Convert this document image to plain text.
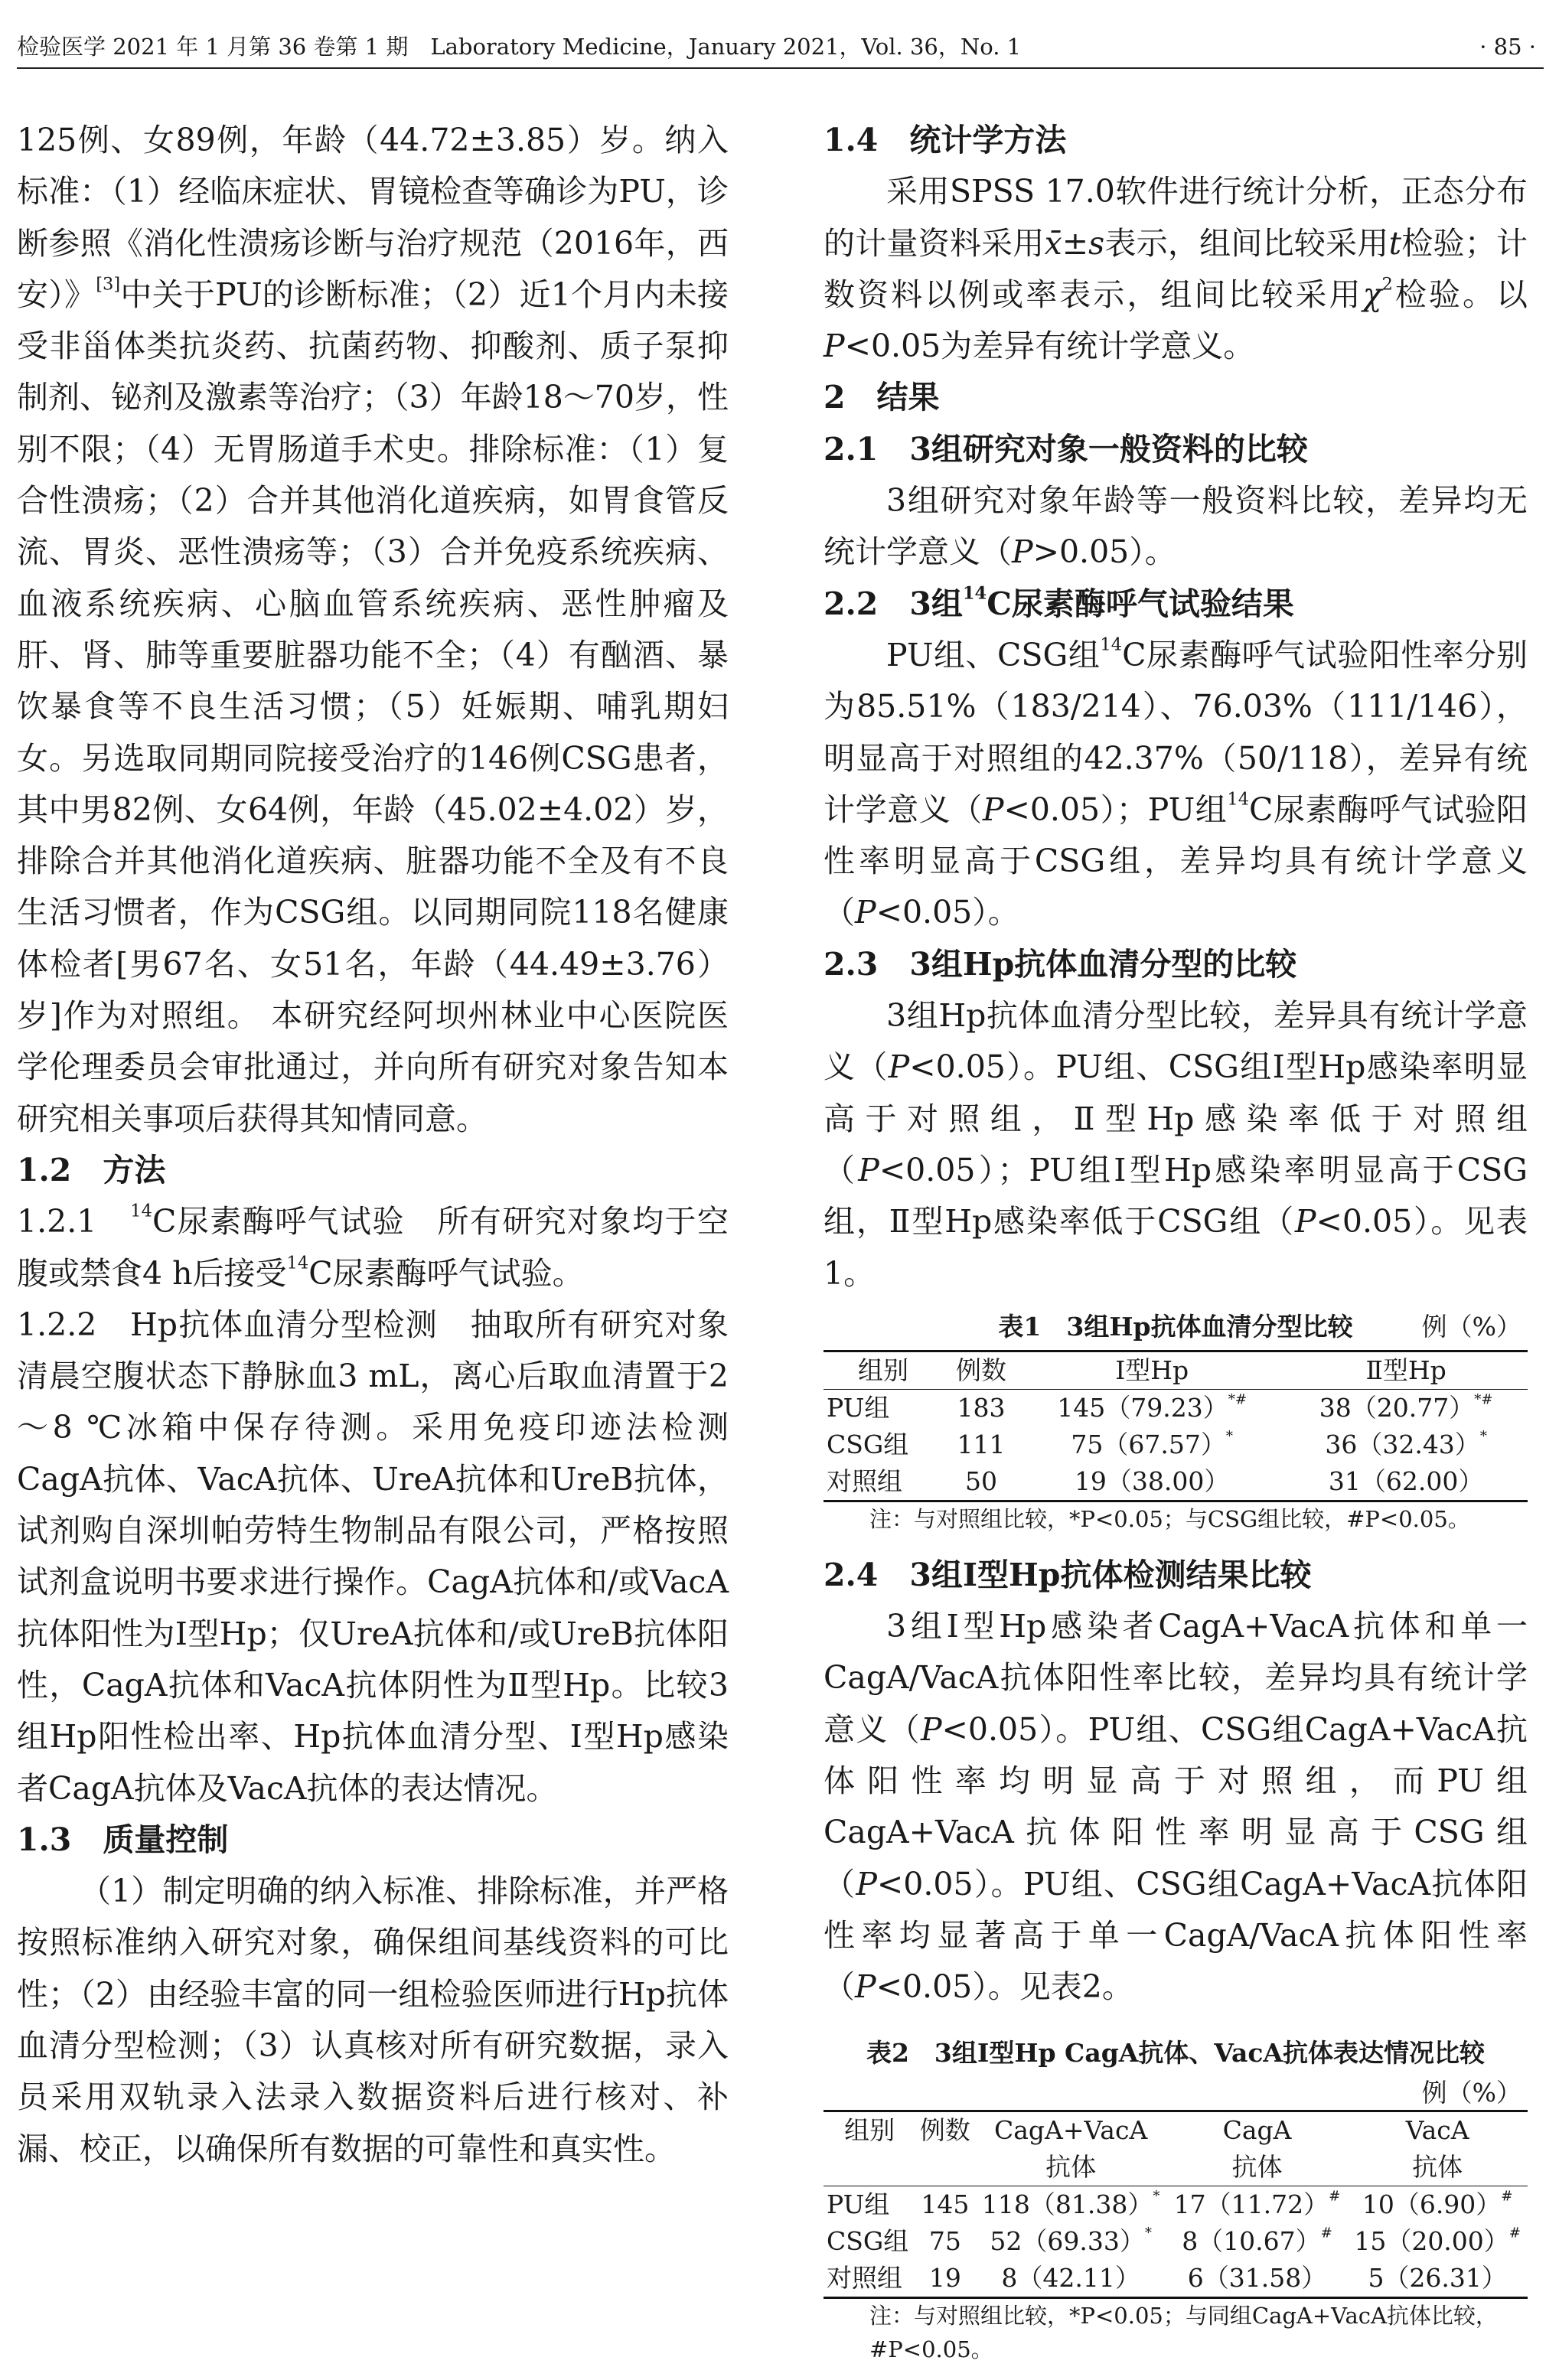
检验医学 2021 年 1 月第 36 卷第 1 期　Laboratory Medicine，January 2021，Vol. 36，No. 1	· 85 ·

125例、女89例，年龄（44.72±3.85）岁。纳入标准：（1）经临床症状、胃镜检查等确诊为PU，诊断参照《消化性溃疡诊断与治疗规范（2016年，西安）》[3]中关于PU的诊断标准；（2）近1个月内未接受非甾体类抗炎药、抗菌药物、抑酸剂、质子泵抑制剂、铋剂及激素等治疗；（3）年龄18～70岁，性别不限；（4）无胃肠道手术史。排除标准：（1）复合性溃疡；（2）合并其他消化道疾病，如胃食管反流、胃炎、恶性溃疡等；（3）合并免疫系统疾病、血液系统疾病、心脑血管系统疾病、恶性肿瘤及肝、肾、肺等重要脏器功能不全；（4）有酗酒、暴饮暴食等不良生活习惯；（5）妊娠期、哺乳期妇女。另选取同期同院接受治疗的146例CSG患者，其中男82例、女64例，年龄（45.02±4.02）岁，排除合并其他消化道疾病、脏器功能不全及有不良生活习惯者，作为CSG组。以同期同院118名健康体检者[男67名、女51名，年龄（44.49±3.76）岁]作为对照组。 本研究经阿坝州林业中心医院医学伦理委员会审批通过，并向所有研究对象告知本研究相关事项后获得其知情同意。

1.2　方法

1.2.1　$^{14}$C尿素酶呼气试验　所有研究对象均于空腹或禁食4 h后接受$^{14}$C尿素酶呼气试验。

1.2.2　Hp抗体血清分型检测　抽取所有研究对象清晨空腹状态下静脉血3 mL，离心后取血清置于2～8 ℃冰箱中保存待测。采用免疫印迹法检测CagA抗体、VacA抗体、UreA抗体和UreB抗体，试剂购自深圳帕劳特生物制品有限公司，严格按照试剂盒说明书要求进行操作。CagA抗体和/或VacA抗体阳性为Ⅰ型Hp；仅UreA抗体和/或UreB抗体阳性，CagA抗体和VacA抗体阴性为Ⅱ型Hp。比较3组Hp阳性检出率、Hp抗体血清分型、Ⅰ型Hp感染者CagA抗体及VacA抗体的表达情况。

1.3　质量控制

（1）制定明确的纳入标准、排除标准，并严格按照标准纳入研究对象，确保组间基线资料的可比性；（2）由经验丰富的同一组检验医师进行Hp抗体血清分型检测；（3）认真核对所有研究数据，录入员采用双轨录入法录入数据资料后进行核对、补漏、校正，以确保所有数据的可靠性和真实性。

1.4　统计学方法

采用SPSS 17.0软件进行统计分析，正态分布的计量资料采用x̄±s表示，组间比较采用t检验；计数资料以例或率表示，组间比较采用$\chi^2$检验。以P<0.05为差异有统计学意义。

2　结果

2.1　3组研究对象一般资料的比较

3组研究对象年龄等一般资料比较，差异均无统计学意义（P>0.05）。

2.2　3组$^{14}$C尿素酶呼气试验结果

PU组、CSG组$^{14}$C尿素酶呼气试验阳性率分别为85.51%（183/214）、76.03%（111/146），明显高于对照组的42.37%（50/118），差异有统计学意义（P<0.05）；PU组$^{14}$C尿素酶呼气试验阳性率明显高于CSG组，差异均具有统计学意义（P<0.05）。

2.3　3组Hp抗体血清分型的比较

3组Hp抗体血清分型比较，差异具有统计学意义（P<0.05）。PU组、CSG组Ⅰ型Hp感染率明显高于对照组，Ⅱ型Hp感染率低于对照组（P<0.05）；PU组Ⅰ型Hp感染率明显高于CSG组，Ⅱ型Hp感染率低于CSG组（P<0.05）。见表1。

表1　3组Hp抗体血清分型比较	例（%）
组别	例数	Ⅰ型Hp	Ⅱ型Hp
PU组	183	145（79.23）*#	38（20.77）*#
CSG组	111	75（67.57）*	36（32.43）*
对照组	50	19（38.00）	31（62.00）
注：与对照组比较，*P<0.05；与CSG组比较，#P<0.05。

2.4　3组Ⅰ型Hp抗体检测结果比较

3组Ⅰ型Hp感染者CagA+VacA抗体和单一CagA/VacA抗体阳性率比较，差异均具有统计学意义（P<0.05）。PU组、CSG组CagA+VacA抗体阳性率均明显高于对照组，而PU组CagA+VacA抗体阳性率明显高于CSG组（P<0.05）。PU组、CSG组CagA+VacA抗体阳性率均显著高于单一CagA/VacA抗体阳性率（P<0.05）。见表2。

表2　3组Ⅰ型Hp CagA抗体、VacA抗体表达情况比较
例（%）
组别	例数	CagA+VacA	CagA	VacA
		抗体	抗体	抗体
PU组	145	118（81.38）*	17（11.72）#	10（6.90）#
CSG组	75	52（69.33）*	8（10.67）#	15（20.00）#
对照组	19	8（42.11）	6（31.58）	5（26.31）
注：与对照组比较，*P<0.05；与同组CagA+VacA抗体比较，#P<0.05。
